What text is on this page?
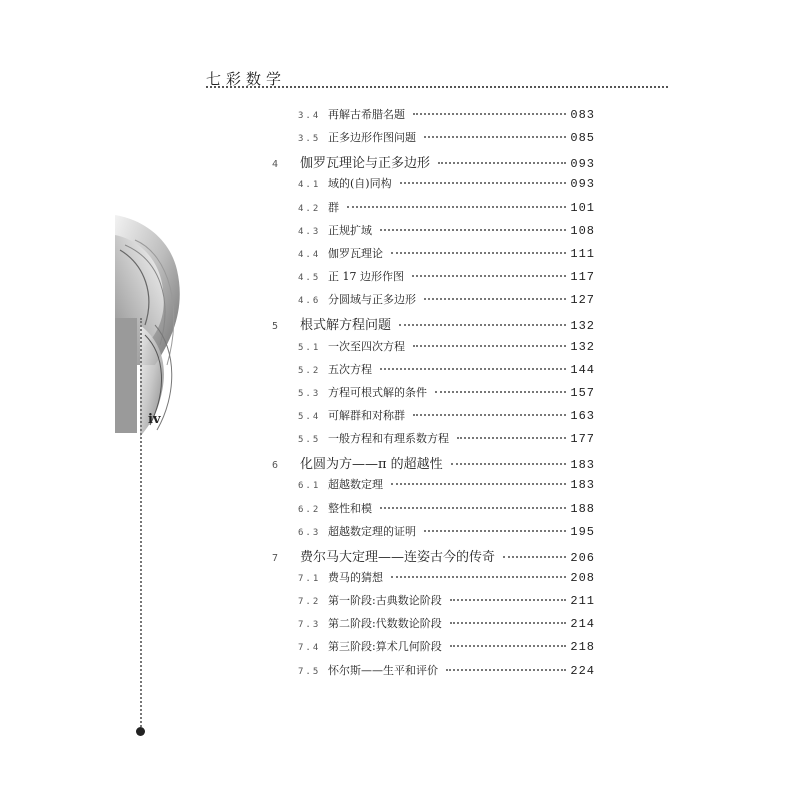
七彩数学
iv
3.4 再解古希腊名题	083
3.5 正多边形作图问题	085
4	伽罗瓦理论与正多边形	093
4.1 域的(自)同构	093
4.2 群	101
4.3 正规扩域	108
4.4 伽罗瓦理论	111
4.5 正 17 边形作图	117
4.6 分圆域与正多边形	127
5	根式解方程问题	132
5.1 一次至四次方程	132
5.2 五次方程	144
5.3 方程可根式解的条件	157
5.4 可解群和对称群	163
5.5 一般方程和有理系数方程	177
6	化圆为方——π 的超越性	183
6.1 超越数定理	183
6.2 整性和模	188
6.3 超越数定理的证明	195
7	费尔马大定理——连姿古今的传奇	206
7.1 费马的猜想	208
7.2 第一阶段:古典数论阶段	211
7.3 第二阶段:代数数论阶段	214
7.4 第三阶段:算术几何阶段	218
7.5 怀尔斯——生平和评价	224
